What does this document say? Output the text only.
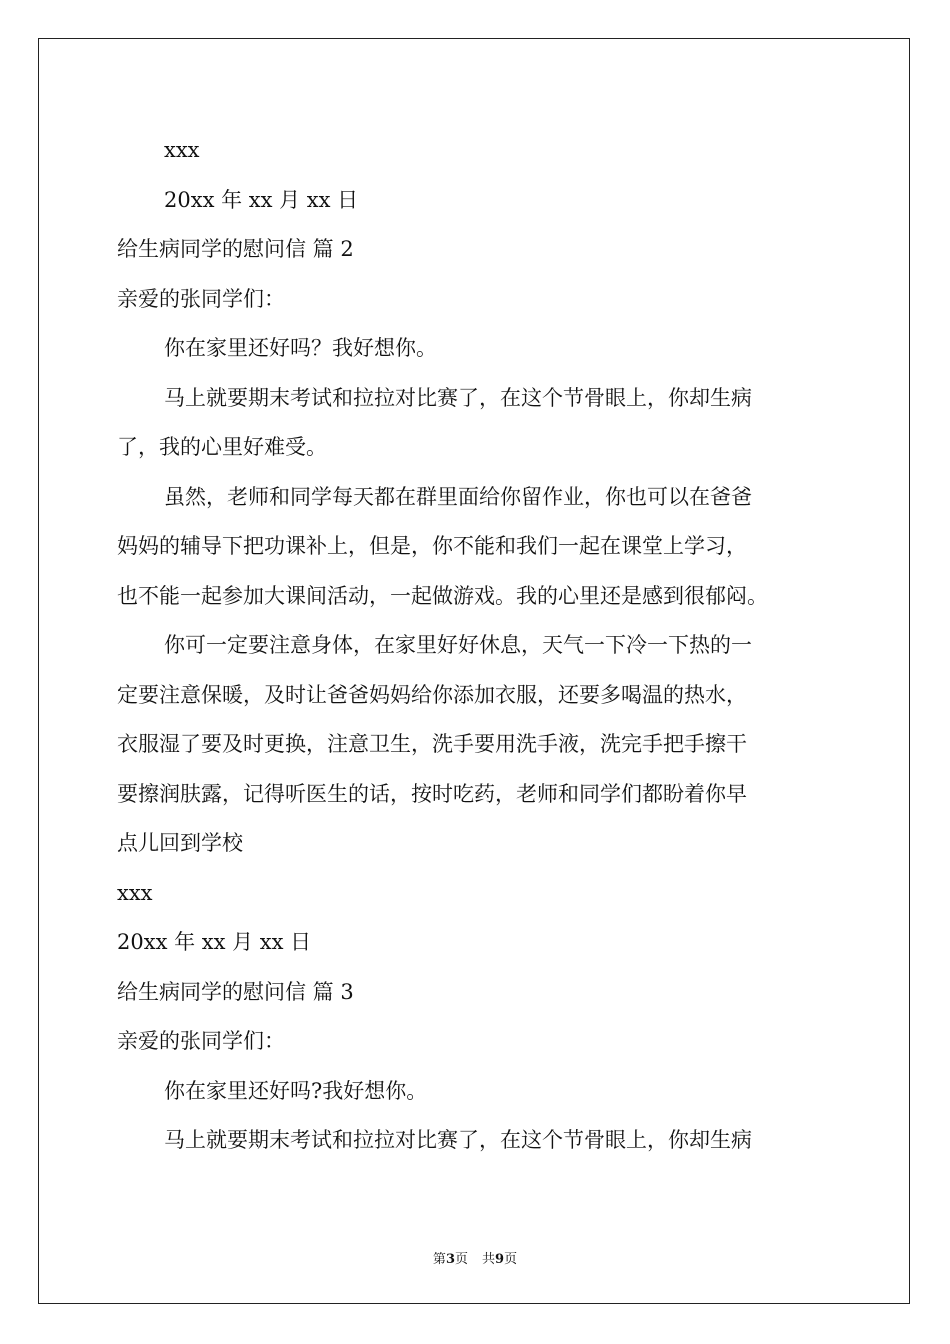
xxx
20xx 年 xx 月 xx 日
给生病同学的慰问信 篇 2
亲爱的张同学们：
你在家里还好吗？我好想你。
马上就要期末考试和拉拉对比赛了，在这个节骨眼上，你却生病
了，我的心里好难受。
虽然，老师和同学每天都在群里面给你留作业，你也可以在爸爸
妈妈的辅导下把功课补上，但是，你不能和我们一起在课堂上学习，
也不能一起参加大课间活动，一起做游戏。我的心里还是感到很郁闷。
你可一定要注意身体，在家里好好休息，天气一下冷一下热的一
定要注意保暖，及时让爸爸妈妈给你添加衣服，还要多喝温的热水，
衣服湿了要及时更换，注意卫生，洗手要用洗手液，洗完手把手擦干
要擦润肤露，记得听医生的话，按时吃药，老师和同学们都盼着你早
点儿回到学校
xxx
20xx 年 xx 月 xx 日
给生病同学的慰问信 篇 3
亲爱的张同学们：
你在家里还好吗?我好想你。
马上就要期末考试和拉拉对比赛了，在这个节骨眼上，你却生病
第3页 共9页
